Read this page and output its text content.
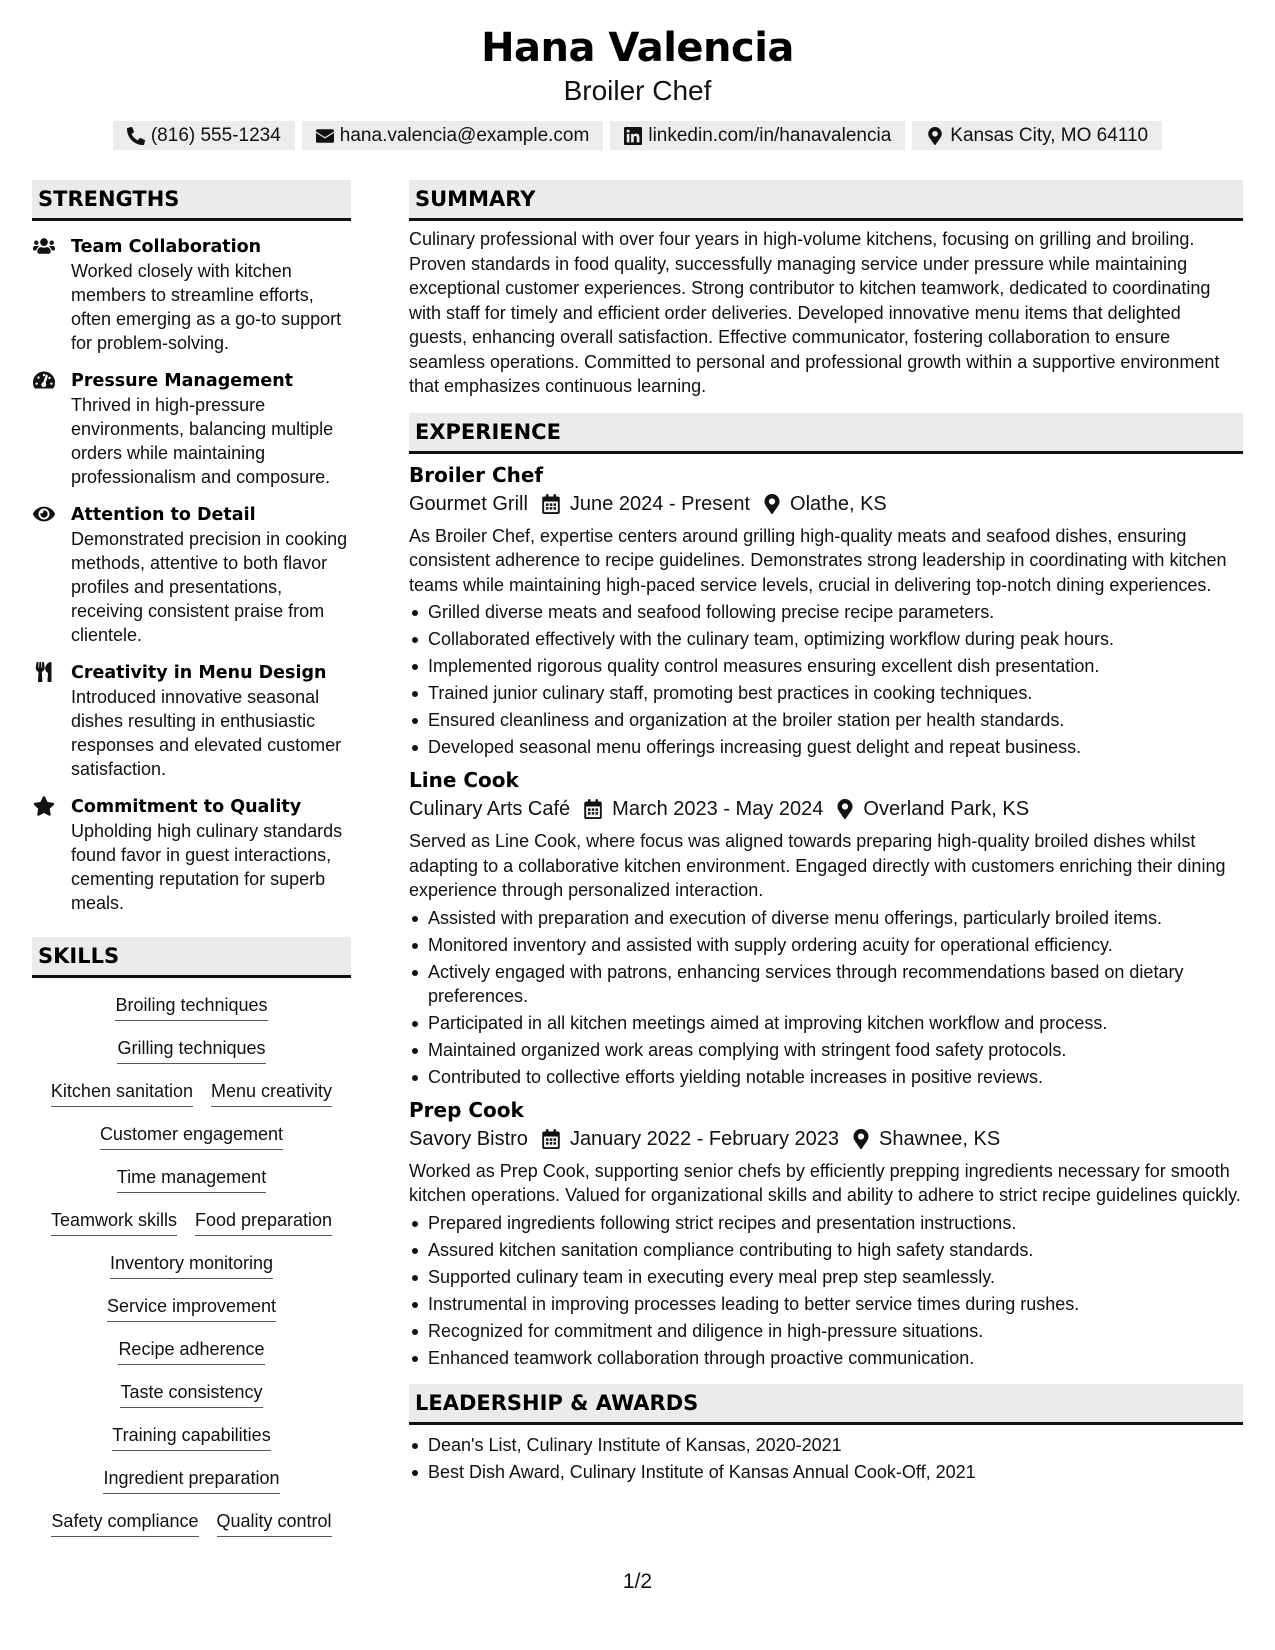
Hana Valencia
Broiler Chef
(816) 555-1234	hana.valencia@example.com	linkedin.com/in/hanavalencia	Kansas City, MO 64110
STRENGTHS
Team Collaboration
Worked closely with kitchen members to streamline efforts, often emerging as a go-to support for problem-solving.
Pressure Management
Thrived in high-pressure environments, balancing multiple orders while maintaining professionalism and composure.
Attention to Detail
Demonstrated precision in cooking methods, attentive to both flavor profiles and presentations, receiving consistent praise from clientele.
Creativity in Menu Design
Introduced innovative seasonal dishes resulting in enthusiastic responses and elevated customer satisfaction.
Commitment to Quality
Upholding high culinary standards found favor in guest interactions, cementing reputation for superb meals.
SKILLS
Broiling techniques
Grilling techniques
Kitchen sanitation Menu creativity
Customer engagement
Time management
Teamwork skills Food preparation
Inventory monitoring
Service improvement
Recipe adherence
Taste consistency
Training capabilities
Ingredient preparation
Safety compliance Quality control
SUMMARY
Culinary professional with over four years in high-volume kitchens, focusing on grilling and broiling. Proven standards in food quality, successfully managing service under pressure while maintaining exceptional customer experiences. Strong contributor to kitchen teamwork, dedicated to coordinating with staff for timely and efficient order deliveries. Developed innovative menu items that delighted guests, enhancing overall satisfaction. Effective communicator, fostering collaboration to ensure seamless operations. Committed to personal and professional growth within a supportive environment that emphasizes continuous learning.
EXPERIENCE
Broiler Chef
Gourmet Grill June 2024 - Present Olathe, KS
As Broiler Chef, expertise centers around grilling high-quality meats and seafood dishes, ensuring consistent adherence to recipe guidelines. Demonstrates strong leadership in coordinating with kitchen teams while maintaining high-paced service levels, crucial in delivering top-notch dining experiences.
Grilled diverse meats and seafood following precise recipe parameters.
Collaborated effectively with the culinary team, optimizing workflow during peak hours.
Implemented rigorous quality control measures ensuring excellent dish presentation.
Trained junior culinary staff, promoting best practices in cooking techniques.
Ensured cleanliness and organization at the broiler station per health standards.
Developed seasonal menu offerings increasing guest delight and repeat business.
Line Cook
Culinary Arts Café March 2023 - May 2024 Overland Park, KS
Served as Line Cook, where focus was aligned towards preparing high-quality broiled dishes whilst adapting to a collaborative kitchen environment. Engaged directly with customers enriching their dining experience through personalized interaction.
Assisted with preparation and execution of diverse menu offerings, particularly broiled items.
Monitored inventory and assisted with supply ordering acuity for operational efficiency.
Actively engaged with patrons, enhancing services through recommendations based on dietary preferences.
Participated in all kitchen meetings aimed at improving kitchen workflow and process.
Maintained organized work areas complying with stringent food safety protocols.
Contributed to collective efforts yielding notable increases in positive reviews.
Prep Cook
Savory Bistro January 2022 - February 2023 Shawnee, KS
Worked as Prep Cook, supporting senior chefs by efficiently prepping ingredients necessary for smooth kitchen operations. Valued for organizational skills and ability to adhere to strict recipe guidelines quickly.
Prepared ingredients following strict recipes and presentation instructions.
Assured kitchen sanitation compliance contributing to high safety standards.
Supported culinary team in executing every meal prep step seamlessly.
Instrumental in improving processes leading to better service times during rushes.
Recognized for commitment and diligence in high-pressure situations.
Enhanced teamwork collaboration through proactive communication.
LEADERSHIP & AWARDS
Dean's List, Culinary Institute of Kansas, 2020-2021
Best Dish Award, Culinary Institute of Kansas Annual Cook-Off, 2021
1/2
